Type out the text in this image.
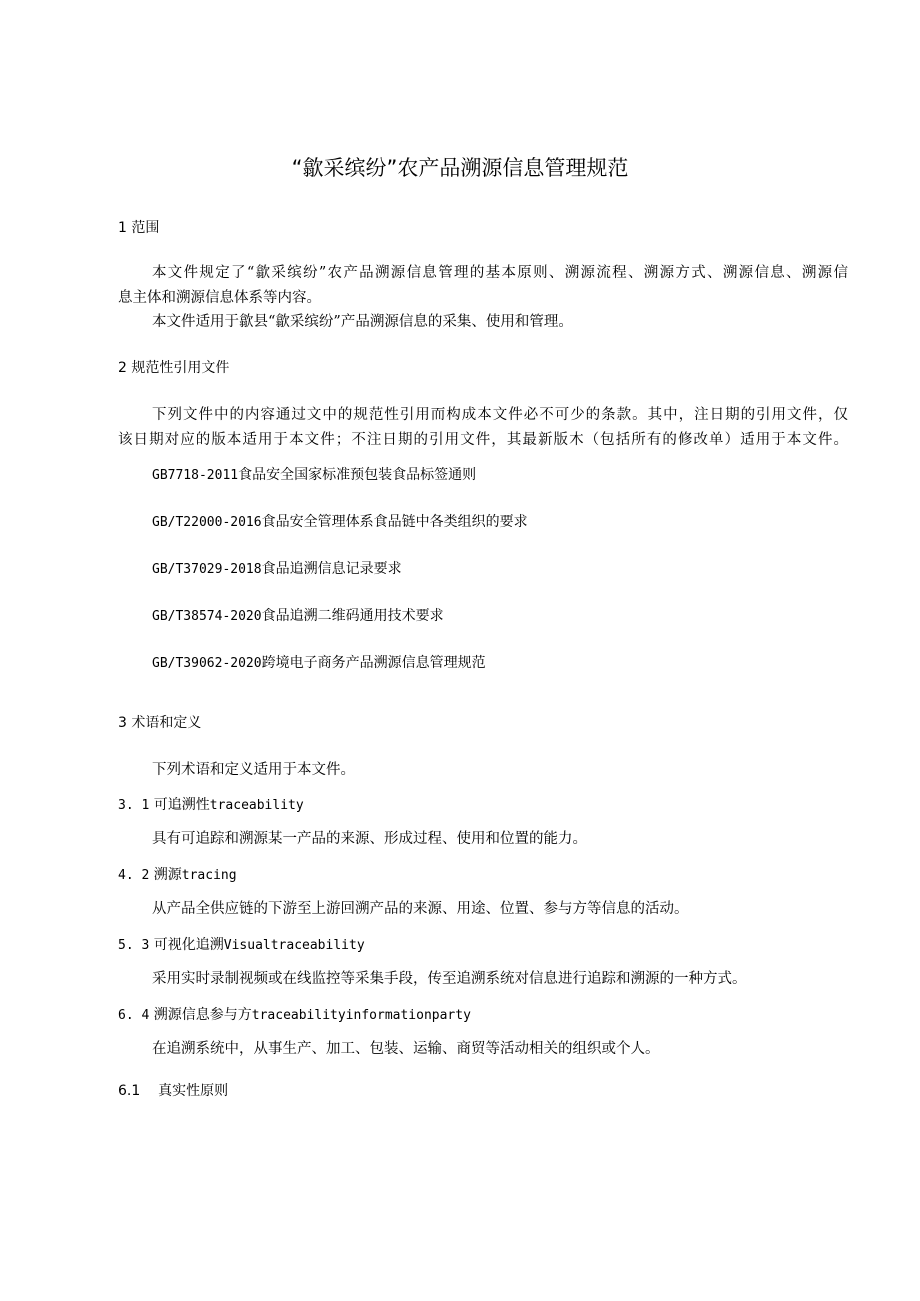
“歙采缤纷”农产品溯源信息管理规范
1 范围
本文件规定了“歙采缤纷”农产品溯源信息管理的基本原则、溯源流程、溯源方式、溯源信息、溯源信
息主体和溯源信息体系等内容。
本文件适用于歙县“歙采缤纷”产品溯源信息的采集、使用和管理。
2 规范性引用文件
下列文件中的内容通过文中的规范性引用而构成本文件必不可少的条款。其中，注日期的引用文件，仅
该日期对应的版本适用于本文件；不注日期的引用文件，其最新版木（包括所有的修改单）适用于本文件。
GB7718-2011食品安全国家标准预包装食品标签通则
GB/T22000-2016食品安全管理体系食品链中各类组织的要求
GB/T37029-2018食品追溯信息记录要求
GB/T38574-2020食品追溯二维码通用技术要求
GB/T39062-2020跨境电子商务产品溯源信息管理规范
3 术语和定义
下列术语和定义适用于本文件。
3. 1 可追溯性traceability
具有可追踪和溯源某一产品的来源、形成过程、使用和位置的能力。
4. 2 溯源tracing
从产品全供应链的下游至上游回溯产品的来源、用途、位置、参与方等信息的活动。
5. 3 可视化追溯Visualtraceability
采用实时录制视频或在线监控等采集手段，传至追溯系统对信息进行追踪和溯源的一种方式。
6. 4 溯源信息参与方traceabilityinformationparty
在追溯系统中，从事生产、加工、包装、运输、商贸等活动相关的组织或个人。
6.1 真实性原则
